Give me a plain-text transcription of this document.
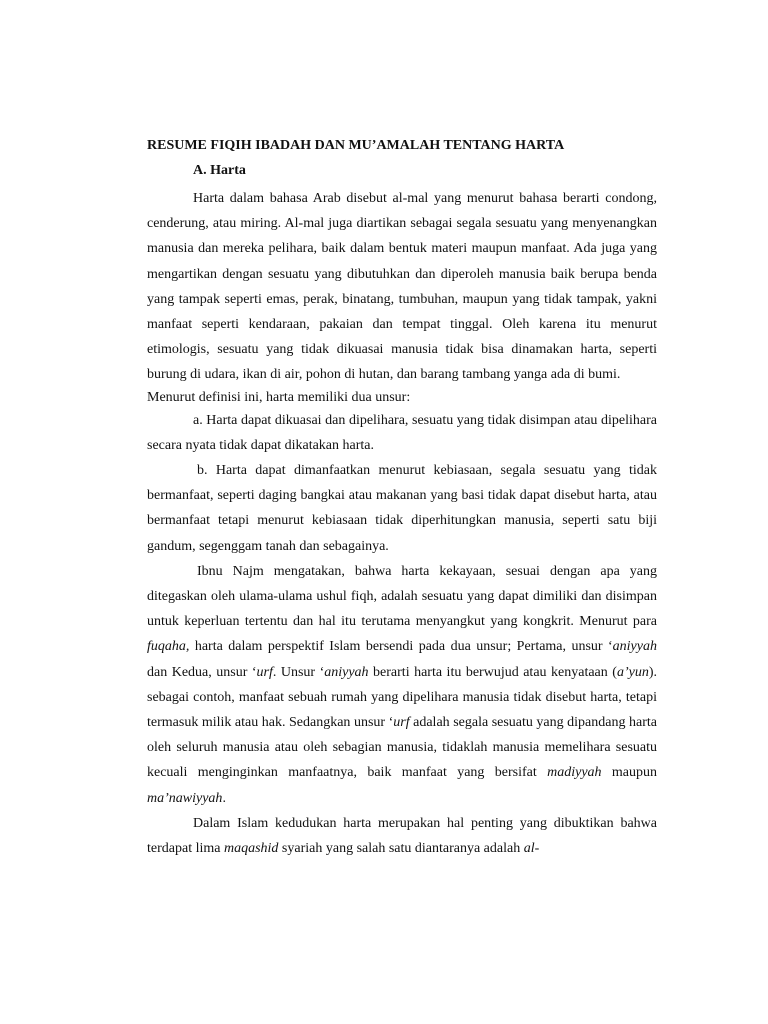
RESUME FIQIH IBADAH DAN MU’AMALAH TENTANG HARTA

A. Harta

Harta dalam bahasa Arab disebut al-mal yang menurut bahasa berarti condong, cenderung, atau miring. Al-mal juga diartikan sebagai segala sesuatu yang menyenangkan manusia dan mereka pelihara, baik dalam bentuk materi maupun manfaat. Ada juga yang mengartikan dengan sesuatu yang dibutuhkan dan diperoleh manusia baik berupa benda yang tampak seperti emas, perak, binatang, tumbuhan, maupun yang tidak tampak, yakni manfaat seperti kendaraan, pakaian dan tempat tinggal. Oleh karena itu menurut etimologis, sesuatu yang tidak dikuasai manusia tidak bisa dinamakan harta, seperti burung di udara, ikan di air, pohon di hutan, dan barang tambang yanga ada di bumi.

Menurut definisi ini, harta memiliki dua unsur:

a. Harta dapat dikuasai dan dipelihara, sesuatu yang tidak disimpan atau dipelihara secara nyata tidak dapat dikatakan harta.

b. Harta dapat dimanfaatkan menurut kebiasaan, segala sesuatu yang tidak bermanfaat, seperti daging bangkai atau makanan yang basi tidak dapat disebut harta, atau bermanfaat tetapi menurut kebiasaan tidak diperhitungkan manusia, seperti satu biji gandum, segenggam tanah dan sebagainya.

Ibnu Najm mengatakan, bahwa harta kekayaan, sesuai dengan apa yang ditegaskan oleh ulama-ulama ushul fiqh, adalah sesuatu yang dapat dimiliki dan disimpan untuk keperluan tertentu dan hal itu terutama menyangkut yang kongkrit. Menurut para fuqaha, harta dalam perspektif Islam bersendi pada dua unsur; Pertama, unsur ‘aniyyah dan Kedua, unsur ‘urf. Unsur ‘aniyyah berarti harta itu berwujud atau kenyataan (a’yun). sebagai contoh, manfaat sebuah rumah yang dipelihara manusia tidak disebut harta, tetapi termasuk milik atau hak. Sedangkan unsur ‘urf adalah segala sesuatu yang dipandang harta oleh seluruh manusia atau oleh sebagian manusia, tidaklah manusia memelihara sesuatu kecuali menginginkan manfaatnya, baik manfaat yang bersifat madiyyah maupun ma’nawiyyah.

Dalam Islam kedudukan harta merupakan hal penting yang dibuktikan bahwa terdapat lima maqashid syariah yang salah satu diantaranya adalah al-
